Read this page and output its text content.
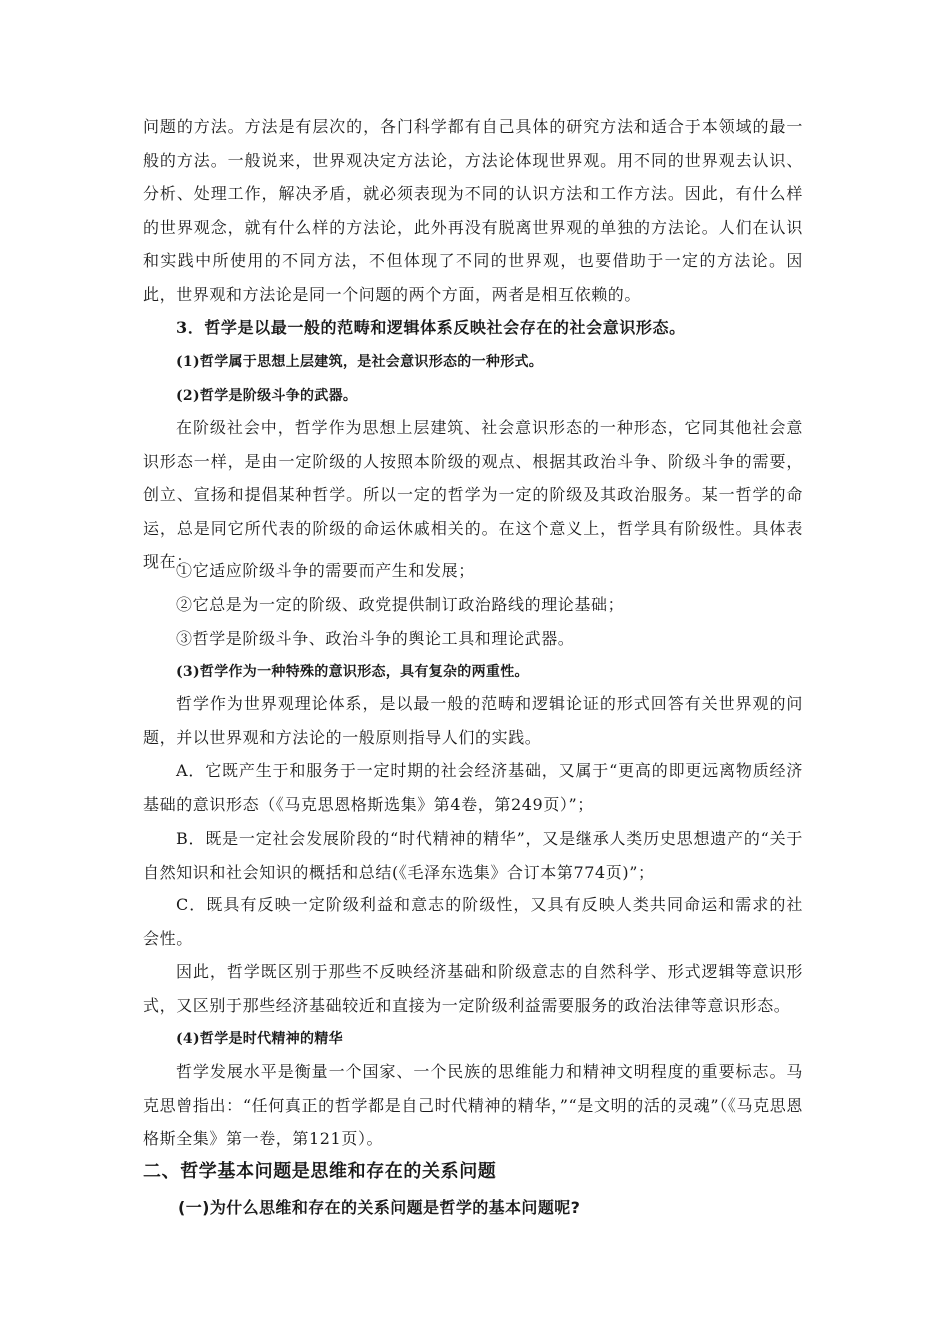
问题的方法。方法是有层次的，各门科学都有自己具体的研究方法和适合于本领域的最一般的方法。一般说来，世界观决定方法论，方法论体现世界观。用不同的世界观去认识、分析、处理工作，解决矛盾，就必须表现为不同的认识方法和工作方法。因此，有什么样的世界观念，就有什么样的方法论，此外再没有脱离世界观的单独的方法论。人们在认识和实践中所使用的不同方法，不但体现了不同的世界观，也要借助于一定的方法论。因此，世界观和方法论是同一个问题的两个方面，两者是相互依赖的。

3．哲学是以最一般的范畴和逻辑体系反映社会存在的社会意识形态。

(1)哲学属于思想上层建筑，是社会意识形态的一种形式。

(2)哲学是阶级斗争的武器。

在阶级社会中，哲学作为思想上层建筑、社会意识形态的一种形态，它同其他社会意识形态一样，是由一定阶级的人按照本阶级的观点、根据其政治斗争、阶级斗争的需要，创立、宣扬和提倡某种哲学。所以一定的哲学为一定的阶级及其政治服务。某一哲学的命运，总是同它所代表的阶级的命运休戚相关的。在这个意义上，哲学具有阶级性。具体表现在：

①它适应阶级斗争的需要而产生和发展；

②它总是为一定的阶级、政党提供制订政治路线的理论基础；

③哲学是阶级斗争、政治斗争的舆论工具和理论武器。

(3)哲学作为一种特殊的意识形态，具有复杂的两重性。

哲学作为世界观理论体系，是以最一般的范畴和逻辑论证的形式回答有关世界观的问题，并以世界观和方法论的一般原则指导人们的实践。

A．它既产生于和服务于一定时期的社会经济基础，又属于“更高的即更远离物质经济基础的意识形态（《马克思恩格斯选集》第4卷，第249页）”；

B．既是一定社会发展阶段的“时代精神的精华”，又是继承人类历史思想遗产的“关于自然知识和社会知识的概括和总结(《毛泽东选集》合订本第774页)”；

C．既具有反映一定阶级利益和意志的阶级性，又具有反映人类共同命运和需求的社会性。

因此，哲学既区别于那些不反映经济基础和阶级意志的自然科学、形式逻辑等意识形式，又区别于那些经济基础较近和直接为一定阶级利益需要服务的政治法律等意识形态。

(4)哲学是时代精神的精华

哲学发展水平是衡量一个国家、一个民族的思维能力和精神文明程度的重要标志。马克思曾指出：“任何真正的哲学都是自己时代精神的精华，”“是文明的活的灵魂”（《马克思恩格斯全集》第一卷，第121页）。

二、哲学基本问题是思维和存在的关系问题
(一)为什么思维和存在的关系问题是哲学的基本问题呢?
